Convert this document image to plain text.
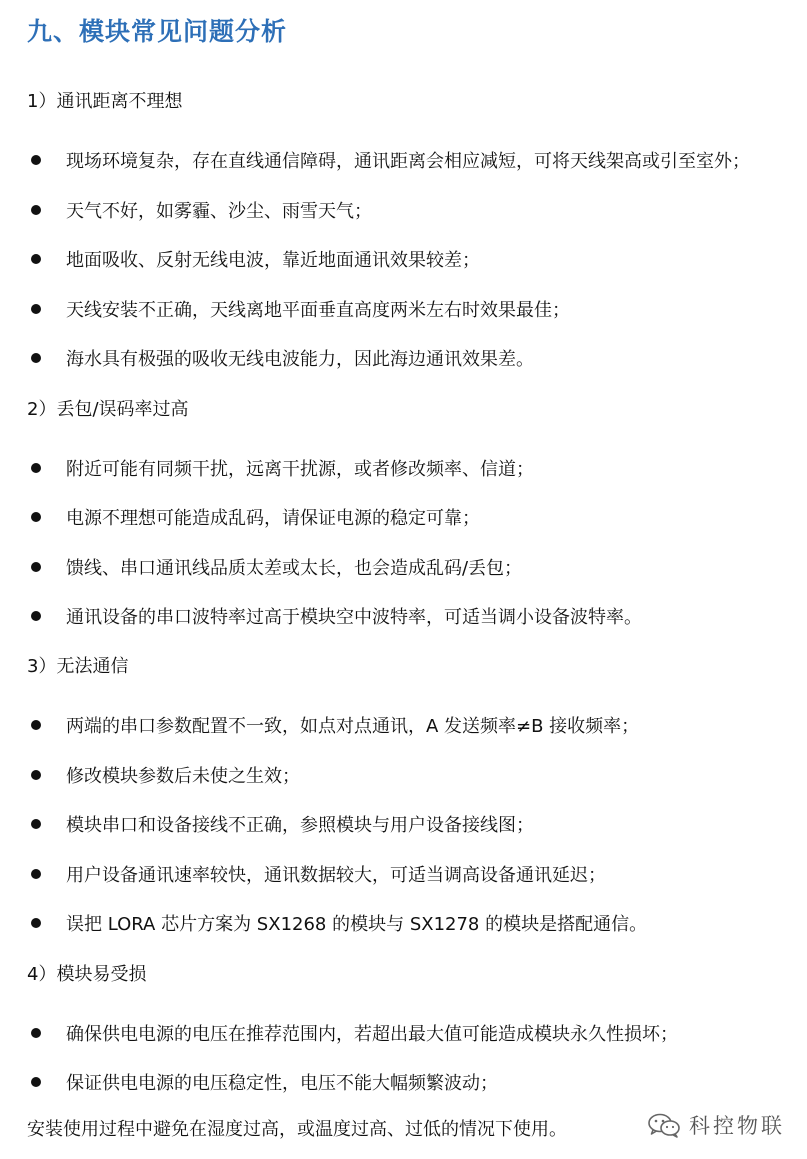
九、模块常见问题分析
1）通讯距离不理想
现场环境复杂，存在直线通信障碍，通讯距离会相应减短，可将天线架高或引至室外；
天气不好，如雾霾、沙尘、雨雪天气；
地面吸收、反射无线电波，靠近地面通讯效果较差；
天线安装不正确，天线离地平面垂直高度两米左右时效果最佳；
海水具有极强的吸收无线电波能力，因此海边通讯效果差。
2）丢包/误码率过高
附近可能有同频干扰，远离干扰源，或者修改频率、信道；
电源不理想可能造成乱码，请保证电源的稳定可靠；
馈线、串口通讯线品质太差或太长，也会造成乱码/丢包；
通讯设备的串口波特率过高于模块空中波特率，可适当调小设备波特率。
3）无法通信
两端的串口参数配置不一致，如点对点通讯，A 发送频率≠B 接收频率；
修改模块参数后未使之生效；
模块串口和设备接线不正确，参照模块与用户设备接线图；
用户设备通讯速率较快，通讯数据较大，可适当调高设备通讯延迟；
误把 LORA 芯片方案为 SX1268 的模块与 SX1278 的模块是搭配通信。
4）模块易受损
确保供电电源的电压在推荐范围内，若超出最大值可能造成模块永久性损坏；
保证供电电源的电压稳定性，电压不能大幅频繁波动；
安装使用过程中避免在湿度过高，或温度过高、过低的情况下使用。	科控物联
